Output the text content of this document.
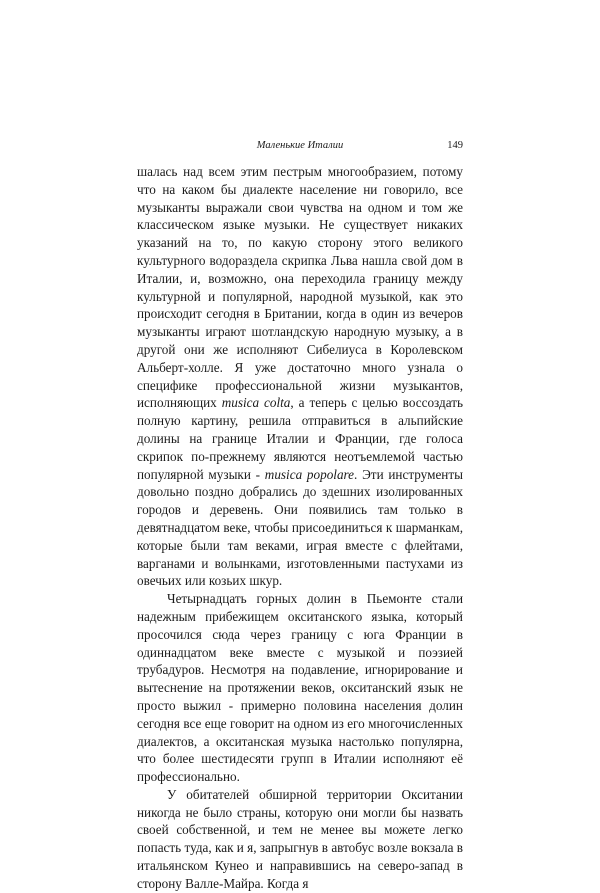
Маленькие Италии	149

шалась над всем этим пестрым многообразием, потому что на каком бы диалекте население ни говорило, все музыканты выражали свои чувства на одном и том же классическом языке музыки. Не существует никаких указаний на то, по какую сторону этого великого культурного водораздела скрипка Льва нашла свой дом в Италии, и, возможно, она переходила границу между культурной и популярной, народной музыкой, как это происходит сегодня в Британии, когда в один из вечеров музыканты играют шотландскую народную музыку, а в другой они же исполняют Сибелиуса в Королевском Альберт-холле. Я уже достаточно много узнала о специфике профессиональной жизни музыкантов, исполняющих musica colta, а теперь с целью воссоздать полную картину, решила отправиться в альпийские долины на границе Италии и Франции, где голоса скрипок по-прежнему являются неотъемлемой частью популярной музыки - musica popolare. Эти инструменты довольно поздно добрались до здешних изолированных городов и деревень. Они появились там только в девятнадцатом веке, чтобы присоединиться к шарманкам, которые были там веками, играя вместе с флейтами, варганами и волынками, изготовленными пастухами из овечьих или козьих шкур.

Четырнадцать горных долин в Пьемонте стали надежным прибежищем окситанского языка, который просочился сюда через границу с юга Франции в одиннадцатом веке вместе с музыкой и поэзией трубадуров. Несмотря на подавление, игнорирование и вытеснение на протяжении веков, окситанский язык не просто выжил - примерно половина населения долин сегодня все еще говорит на одном из его многочисленных диалектов, а окситанская музыка настолько популярна, что более шестидесяти групп в Италии исполняют её профессионально.

У обитателей обширной территории Окситании никогда не было страны, которую они могли бы назвать своей собственной, и тем не менее вы можете легко попасть туда, как и я, запрыгнув в автобус возле вокзала в итальянском Кунео и направившись на северо-запад в сторону Валле-Майра. Когда я
